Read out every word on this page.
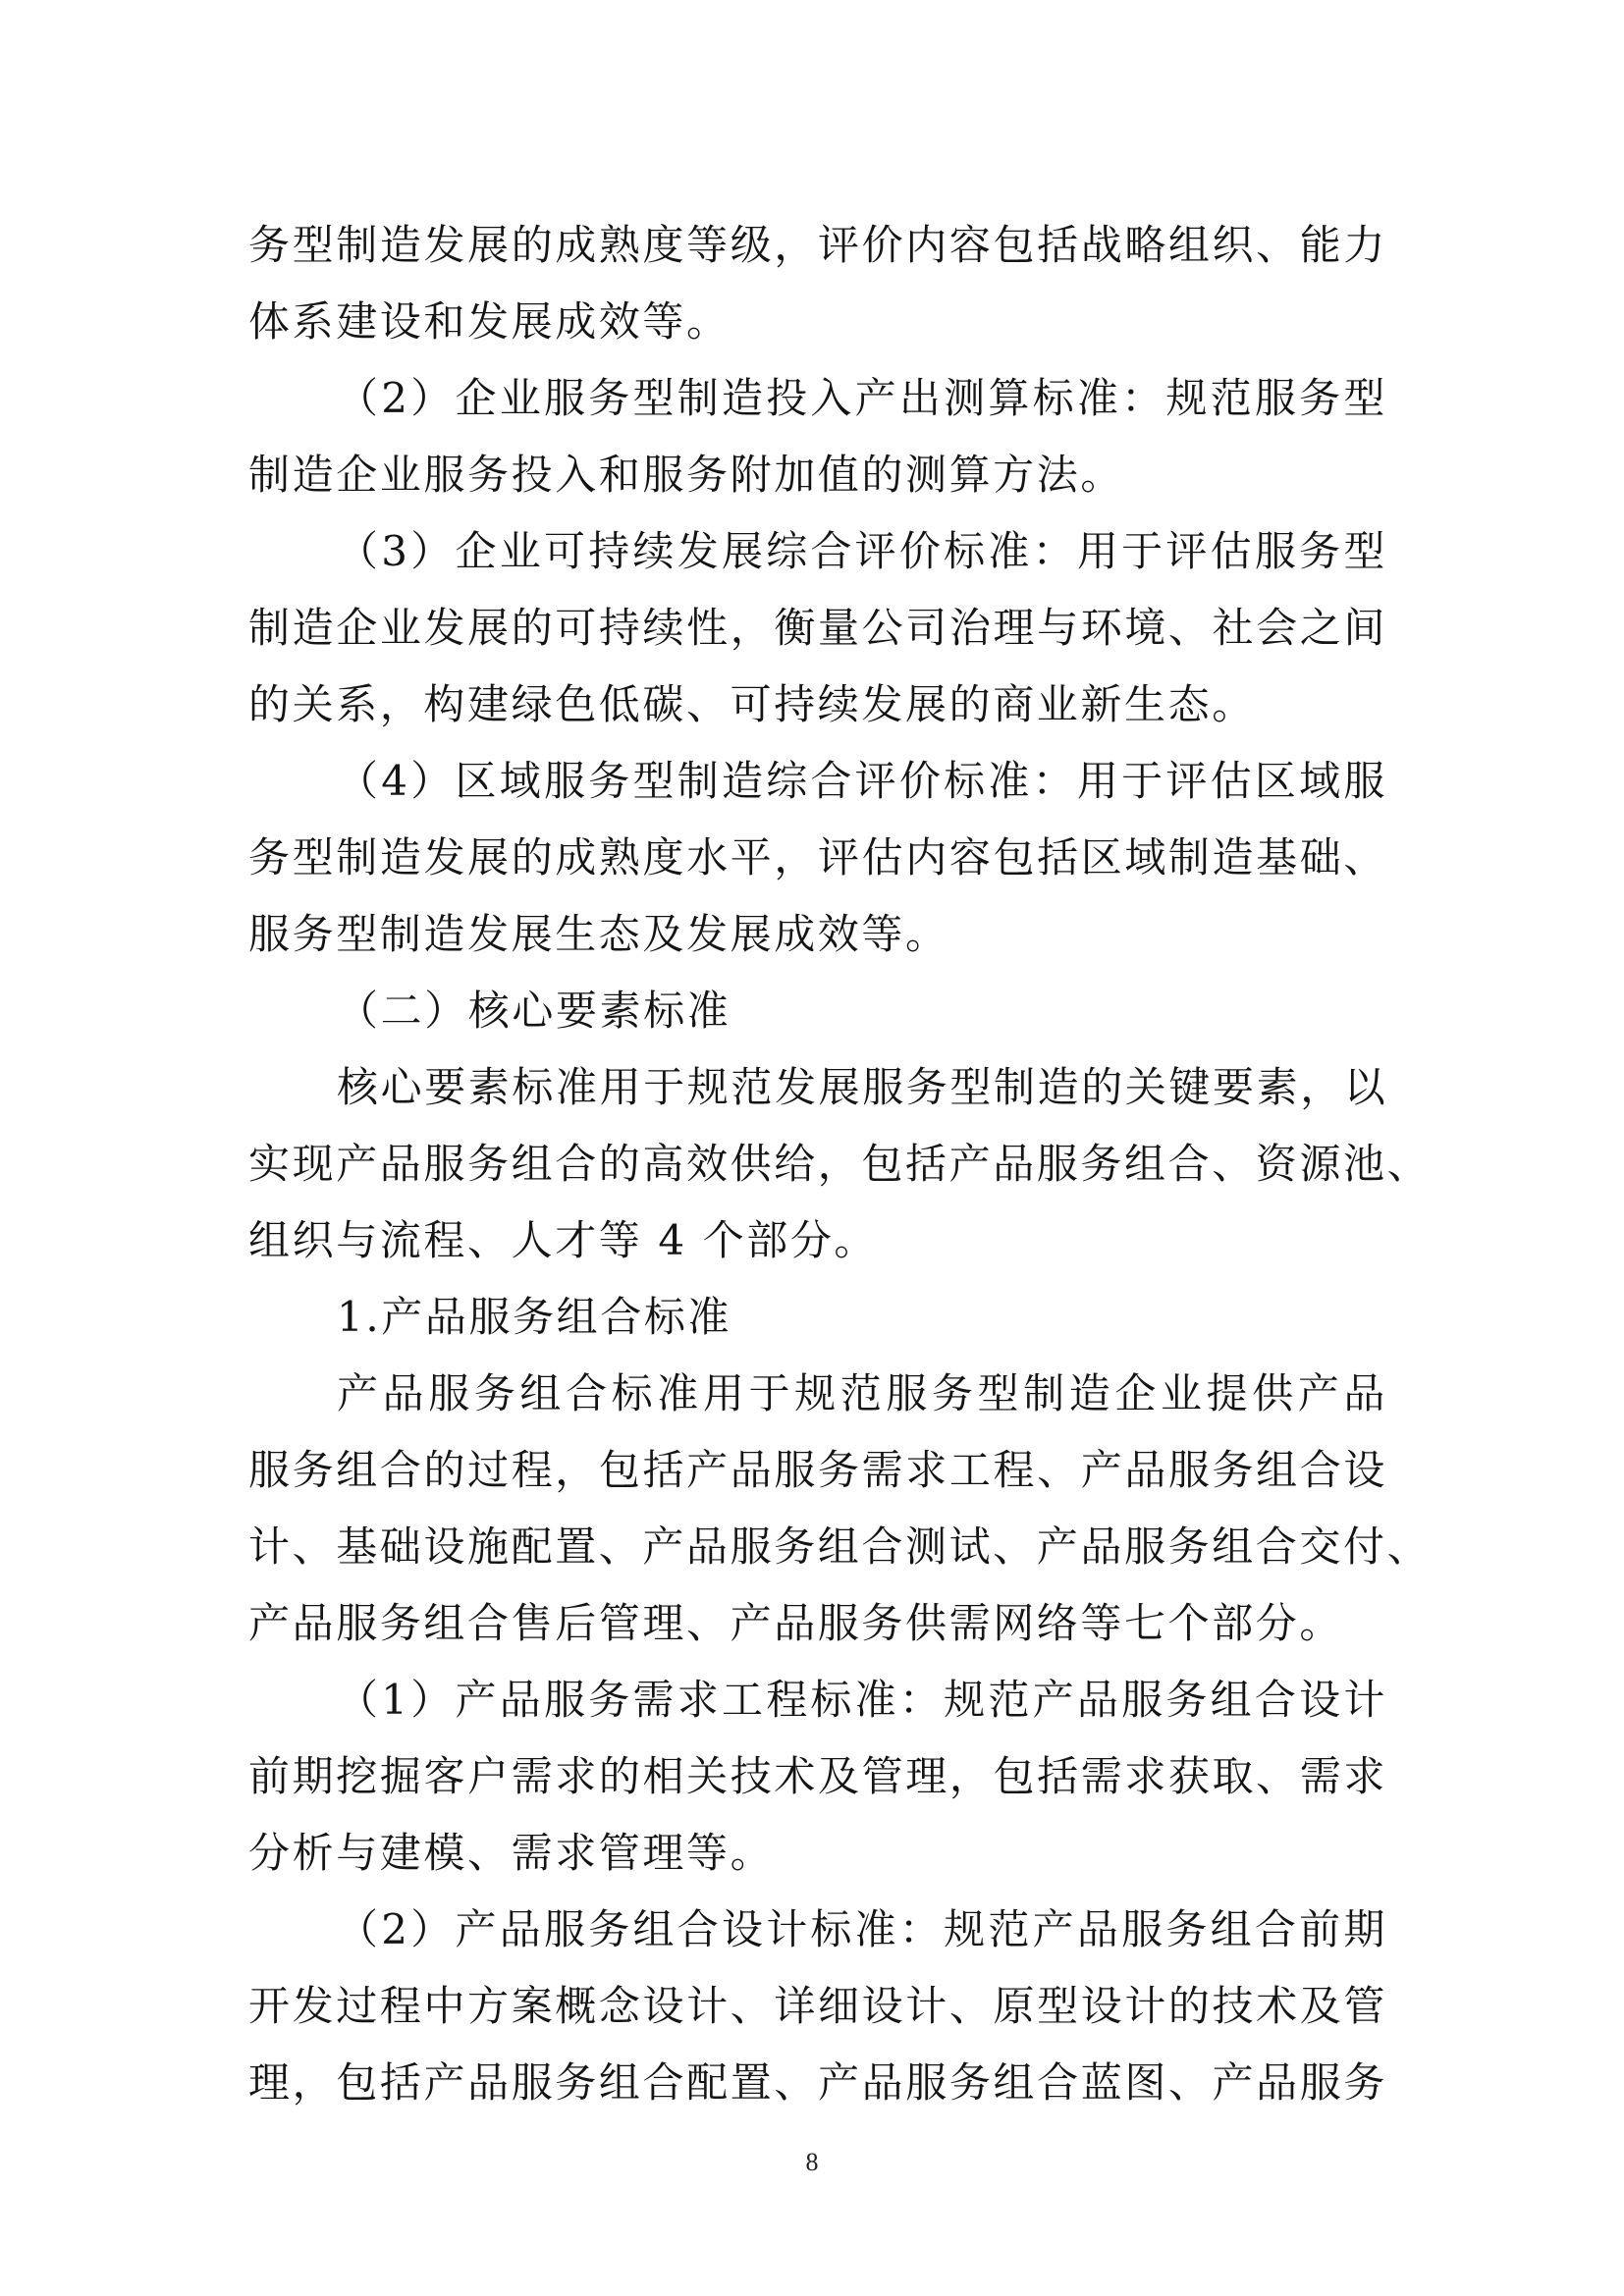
务型制造发展的成熟度等级，评价内容包括战略组织、能力
体系建设和发展成效等。
（2）企业服务型制造投入产出测算标准：规范服务型
制造企业服务投入和服务附加值的测算方法。
（3）企业可持续发展综合评价标准：用于评估服务型
制造企业发展的可持续性，衡量公司治理与环境、社会之间
的关系，构建绿色低碳、可持续发展的商业新生态。
（4）区域服务型制造综合评价标准：用于评估区域服
务型制造发展的成熟度水平，评估内容包括区域制造基础、
服务型制造发展生态及发展成效等。
（二）核心要素标准
核心要素标准用于规范发展服务型制造的关键要素，以
实现产品服务组合的高效供给，包括产品服务组合、资源池、
组织与流程、人才等 4 个部分。
1.产品服务组合标准
产品服务组合标准用于规范服务型制造企业提供产品
服务组合的过程，包括产品服务需求工程、产品服务组合设
计、基础设施配置、产品服务组合测试、产品服务组合交付、
产品服务组合售后管理、产品服务供需网络等七个部分。
（1）产品服务需求工程标准：规范产品服务组合设计
前期挖掘客户需求的相关技术及管理，包括需求获取、需求
分析与建模、需求管理等。
（2）产品服务组合设计标准：规范产品服务组合前期
开发过程中方案概念设计、详细设计、原型设计的技术及管
理，包括产品服务组合配置、产品服务组合蓝图、产品服务
8
